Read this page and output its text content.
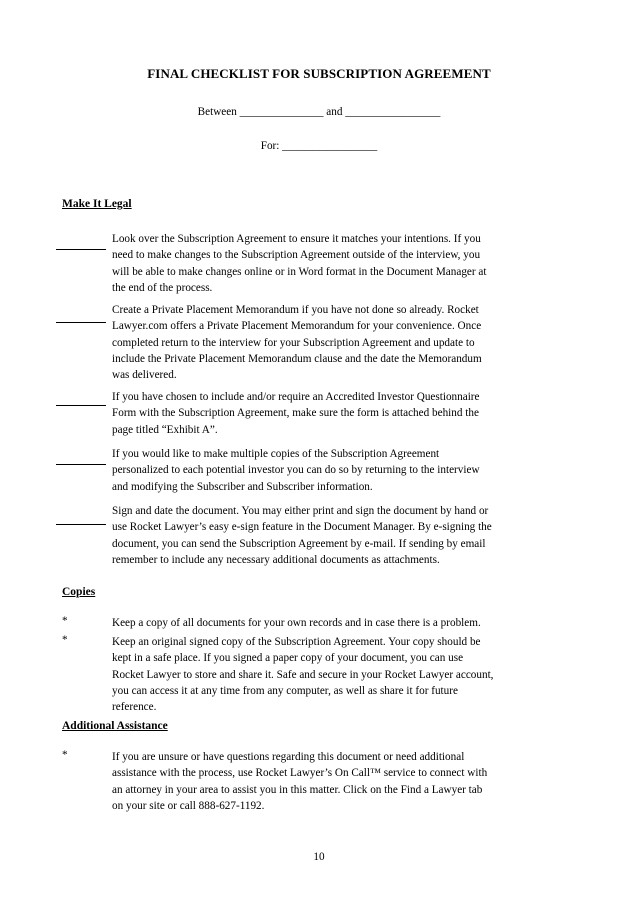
FINAL CHECKLIST FOR SUBSCRIPTION AGREEMENT
Between _______________ and _________________
For: _________________
Make It Legal
Look over the Subscription Agreement to ensure it matches your intentions. If you
need to make changes to the Subscription Agreement outside of the interview, you
will be able to make changes online or in Word format in the Document Manager at
the end of the process.
Create a Private Placement Memorandum if you have not done so already. Rocket
Lawyer.com offers a Private Placement Memorandum for your convenience. Once
completed return to the interview for your Subscription Agreement and update to
include the Private Placement Memorandum clause and the date the Memorandum
was delivered.
If you have chosen to include and/or require an Accredited Investor Questionnaire
Form with the Subscription Agreement, make sure the form is attached behind the
page titled “Exhibit A”.
If you would like to make multiple copies of the Subscription Agreement
personalized to each potential investor you can do so by returning to the interview
and modifying the Subscriber and Subscriber information.
Sign and date the document. You may either print and sign the document by hand or
use Rocket Lawyer’s easy e-sign feature in the Document Manager. By e-signing the
document, you can send the Subscription Agreement by e-mail. If sending by email
remember to include any necessary additional documents as attachments.
Copies
*	Keep a copy of all documents for your own records and in case there is a problem.
*	Keep an original signed copy of the Subscription Agreement. Your copy should be
kept in a safe place. If you signed a paper copy of your document, you can use
Rocket Lawyer to store and share it. Safe and secure in your Rocket Lawyer account,
you can access it at any time from any computer, as well as share it for future
reference.
Additional Assistance
*	If you are unsure or have questions regarding this document or need additional
assistance with the process, use Rocket Lawyer’s On Call™ service to connect with
an attorney in your area to assist you in this matter. Click on the Find a Lawyer tab
on your site or call 888-627-1192.
10
